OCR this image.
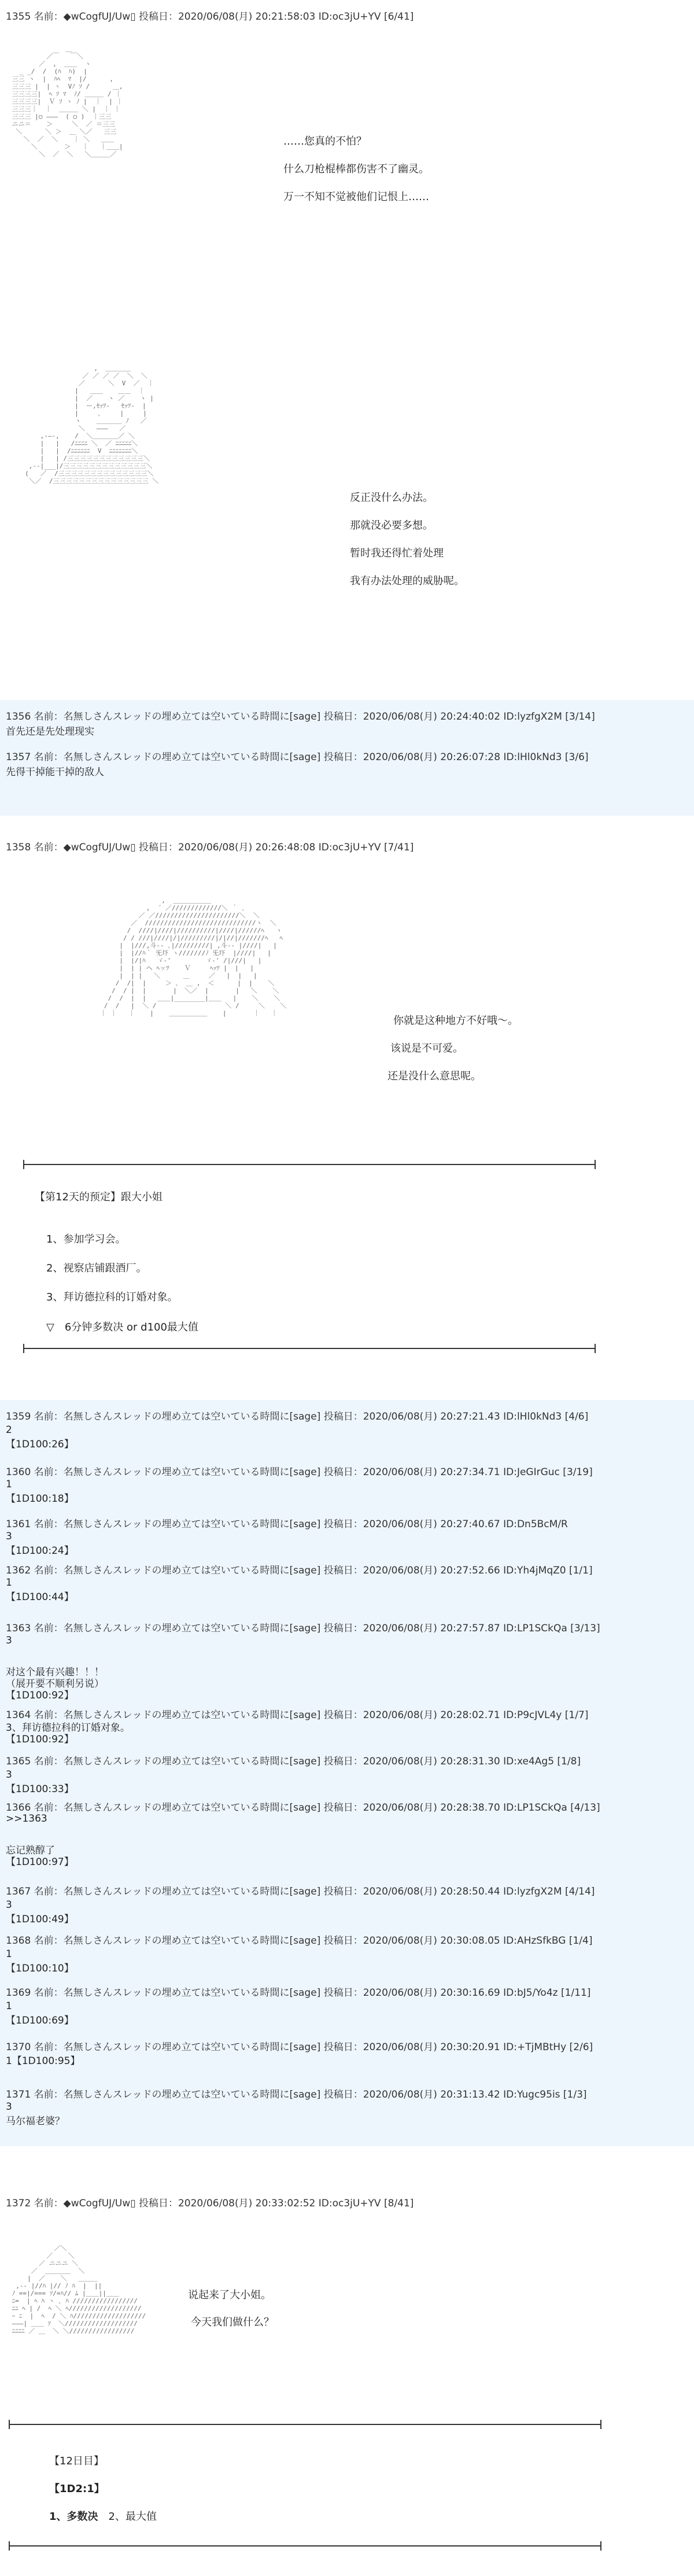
1355 名前：◆wCogfUJ/Uw▯ 投稿日：2020/06/08(月) 20:21:58:03 ID:oc3jU+YV [6/41]
＿
／￣   ￣＼
／  ,  ＿＿  ヽ
_ _/  /  (ﾊ  ﾊ)  |
三三 ヽ  |  ﾊﾍ  ﾏ  |/      ,
三三三 |  | ヽ  Vﾉ ｿ /      ＿,
三三三三|  ﾍ ｿ ﾏ  ﾉ/ ＿＿＿ / ｜
三三三三|  Ｖ ｿ ヽ ﾉ |  ｜  | ｜
三三三｜  ｜  ＿＿＿ ＼ |  ｜ ｜
三三三 |○ ―――  ( ○ )  ｜三三
ニニ＝    ＞     ＼  ／ ＝三三
＼      ＼ ＞  ＿ ＼／   三三
＼  ／  ＼    ｜ ＼   ＿＿
＼       ＞   ｜   ｜＿＿|
＼  ／  ＼   ＼＿＿＿／
……您真的不怕？
什么刀枪棍棒都伤害不了幽灵。
万一不知不觉被他们记恨上……
,  ＿＿＿＿
／ ／ ／ ／  ＼  ＼
／      ＼  V  ／  ｜
|   ＿＿    ＿＿  ｜
|  ／    ヽ ／    ヽ |
|  ー,ｾｯﾂ-   ｾｯﾂ-  |
|     ､     |     |
ヽ    ＿＿＿＿ ﾉ   ／
＼   ―――   ／
,-―-,    /  ＼＿＿＿＿／ ＼
|   |   /ﾆﾆﾆﾆ ＼  ／ ﾆﾆﾆﾆﾆ＼
|   |  /ﾆﾆﾆﾆﾆﾆ  V  ﾆﾆﾆﾆﾆﾆﾆ＼
|   | /三三三三三三三三三三三三＼
,--|___|/三三三三三三三三三三三三三＼
(   ／  /三三三三三三三三三三三三三三＼
＼／  /三三三三三三三三三三三三三三三 ＼
反正没什么办法。
那就没必要多想。
暂时我还得忙着处理
我有办法处理的威胁呢。
1356 名前：名無しさんスレッドの埋め立ては空いている時間に[sage] 投稿日：2020/06/08(月) 20:24:40:02 ID:lyzfgX2M [3/14]
首先还是先处理现实
1357 名前：名無しさんスレッドの埋め立ては空いている時間に[sage] 投稿日：2020/06/08(月) 20:26:07:28 ID:lHl0kNd3 [3/6]
先得干掉能干掉的敌人
1358 名前：◆wCogfUJ/Uw▯ 投稿日：2020/06/08(月) 20:26:48:08 ID:oc3jU+YV [7/41]
,  ＿＿＿＿＿＿
,  ´ ／/////////////＼ ｀ ､
／ ／//////////////////////＼  ＼
／  /////////////////////////////ヽ  ＼
/  ////|////|//////////|////|//////ﾍ   ヽ
/ / ///|////|/|/////////|/|//|///////ﾍ   ﾍ
|  |///,斗-‐ ､|/////////| ,斗-‐ |////|   |
|  |//ﾊ｀ 旡圷 ヽ///////ﾉ 旡圷  |////|   |
|  |/|ﾊ   ゞ-'         ゞ-' /|///|   |
|  | | ヘ ﾍッﾂ    Ｖ     ﾍｯﾂ |  |   |
|  | |   ＼      ＿     ／   |  |   |
/  /|  |     ＞ ､  ＿ ,  ＜      |  |    ＼
/  / |  |       |  ＼／  |       |   ＼    ＼
/  /  |  |   ＿＿|________|＿＿   |    ＼    ＼
/  /   |  ＼ /                  ＼ /     ＼    ＼
｜ ｜   ｜    |    ＿＿＿＿＿＿    |       ｜   ｜
你就是这种地方不好哦～。
该说是不可爱。
还是没什么意思呢。
【第12天的预定】跟大小姐
1、参加学习会。
2、视察店铺跟酒厂。
3、拜访德拉科的订婚对象。
▽　6分钟多数决 or d100最大值
1359 名前：名無しさんスレッドの埋め立ては空いている時間に[sage] 投稿日：2020/06/08(月) 20:27:21.43 ID:lHl0kNd3 [4/6]
2
【1D100:26】
1360 名前：名無しさんスレッドの埋め立ては空いている時間に[sage] 投稿日：2020/06/08(月) 20:27:34.71 ID:JeGIrGuc [3/19]
1
【1D100:18】
1361 名前：名無しさんスレッドの埋め立ては空いている時間に[sage] 投稿日：2020/06/08(月) 20:27:40.67 ID:Dn5BcM/R
3
【1D100:24】
1362 名前：名無しさんスレッドの埋め立ては空いている時間に[sage] 投稿日：2020/06/08(月) 20:27:52.66 ID:Yh4jMqZ0 [1/1]
1
【1D100:44】
1363 名前：名無しさんスレッドの埋め立ては空いている時間に[sage] 投稿日：2020/06/08(月) 20:27:57.87 ID:LP1SCkQa [3/13]
3
对这个最有兴趣！！！
（展开要不顺利另说）
【1D100:92】
1364 名前：名無しさんスレッドの埋め立ては空いている時間に[sage] 投稿日：2020/06/08(月) 20:28:02.71 ID:P9cJVL4y [1/7]
3、拜访德拉科的订婚对象。
【1D100:92】
1365 名前：名無しさんスレッドの埋め立ては空いている時間に[sage] 投稿日：2020/06/08(月) 20:28:31.30 ID:xe4Ag5 [1/8]
3
【1D100:33】
1366 名前：名無しさんスレッドの埋め立ては空いている時間に[sage] 投稿日：2020/06/08(月) 20:28:38.70 ID:LP1SCkQa [4/13]
>>1363
忘记熟醇了
【1D100:97】
1367 名前：名無しさんスレッドの埋め立ては空いている時間に[sage] 投稿日：2020/06/08(月) 20:28:50.44 ID:lyzfgX2M [4/14]
3
【1D100:49】
1368 名前：名無しさんスレッドの埋め立ては空いている時間に[sage] 投稿日：2020/06/08(月) 20:30:08.05 ID:AHzSfkBG [1/4]
1
【1D100:10】
1369 名前：名無しさんスレッドの埋め立ては空いている時間に[sage] 投稿日：2020/06/08(月) 20:30:16.69 ID:bJ5/Yo4z [1/11]
1
【1D100:69】
1370 名前：名無しさんスレッドの埋め立ては空いている時間に[sage] 投稿日：2020/06/08(月) 20:30:20.91 ID:+TjMBtHy [2/6]
1【1D100:95】
1371 名前：名無しさんスレッドの埋め立ては空いている時間に[sage] 投稿日：2020/06/08(月) 20:31:13.42 ID:Yugc95is [1/3]
3
马尔福老婆？
1372 名前：◆wCogfUJ/Uw▯ 投稿日：2020/06/08(月) 20:33:02:52 ID:oc3jU+YV [8/41]
／＼
／    ＼
／ ニニニ ＼
／  ＿＿＿＿  ＼
|  ／    ＼   ＿＿＿
,-‐ |//ﾊ |// ﾉ ﾊ  |  ||
ﾉ ==|/=== ｿ/=ﾊ// ﾑ |＿＿||＿＿
ﾆ=  | ﾍ ﾊ ヽ ､ ﾊ /////////////////
ﾆﾆ ﾍ | /  ﾍ ＼ ﾍ///////////////////
ｰ ﾆ  |  ﾍ  / ＼ ﾊ///////////////////
―――| ＿＿ ｿ  ＼///////////////////
ﾆﾆﾆﾆ ／ ＿  ＼ ＼/////////////////
说起来了大小姐。
今天我们做什么？
【12日目】
【1D2:1】
1、多数决　 2、最大值
